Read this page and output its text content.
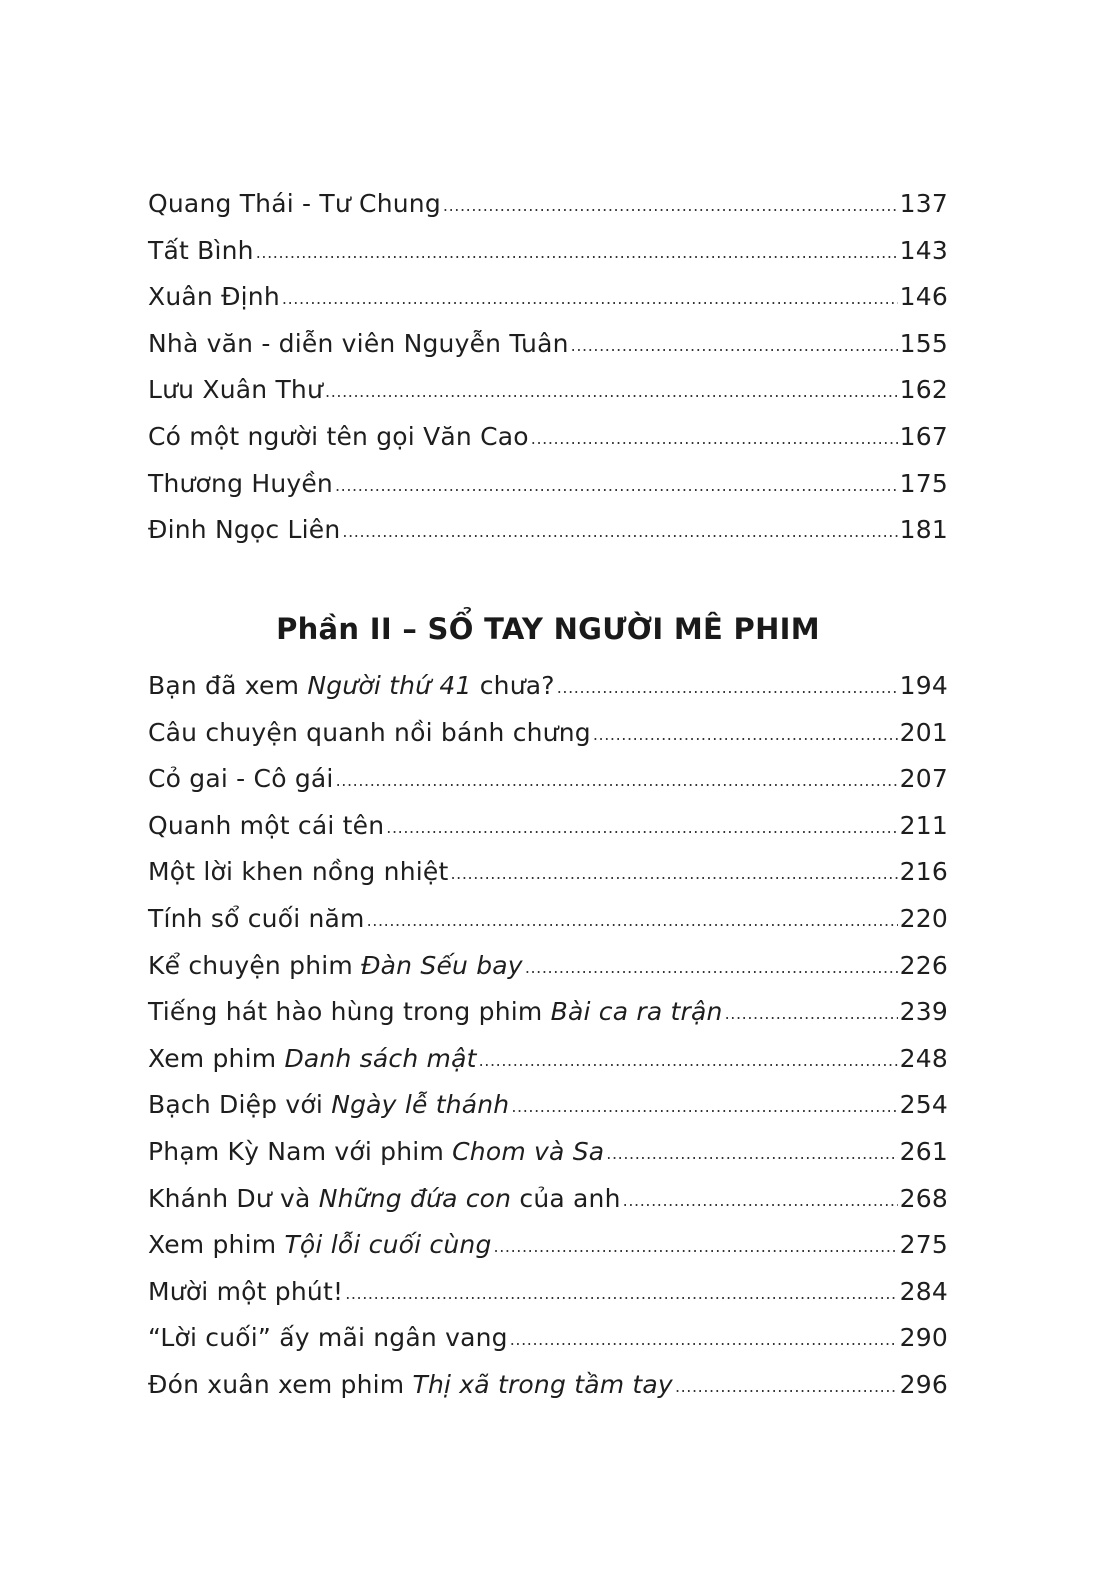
Quang Thái - Tư Chung .....	137
Tất Bình .....	143
Xuân Định .....	146
Nhà văn - diễn viên Nguyễn Tuân .....	155
Lưu Xuân Thư .....	162
Có một người tên gọi Văn Cao .....	167
Thương Huyền .....	175
Đinh Ngọc Liên .....	181
Phần II – SỔ TAY NGƯỜI MÊ PHIM
Bạn đã xem Người thứ 41 chưa? .....	194
Câu chuyện quanh nồi bánh chưng .....	201
Cỏ gai - Cô gái .....	207
Quanh một cái tên .....	211
Một lời khen nồng nhiệt .....	216
Tính sổ cuối năm .....	220
Kể chuyện phim Đàn Sếu bay .....	226
Tiếng hát hào hùng trong phim Bài ca ra trận .....	239
Xem phim Danh sách mật .....	248
Bạch Diệp với Ngày lễ thánh .....	254
Phạm Kỳ Nam với phim Chom và Sa .....	261
Khánh Dư và Những đứa con của anh .....	268
Xem phim Tội lỗi cuối cùng .....	275
Mười một phút! .....	284
“Lời cuối” ấy mãi ngân vang .....	290
Đón xuân xem phim Thị xã trong tầm tay .....	296
